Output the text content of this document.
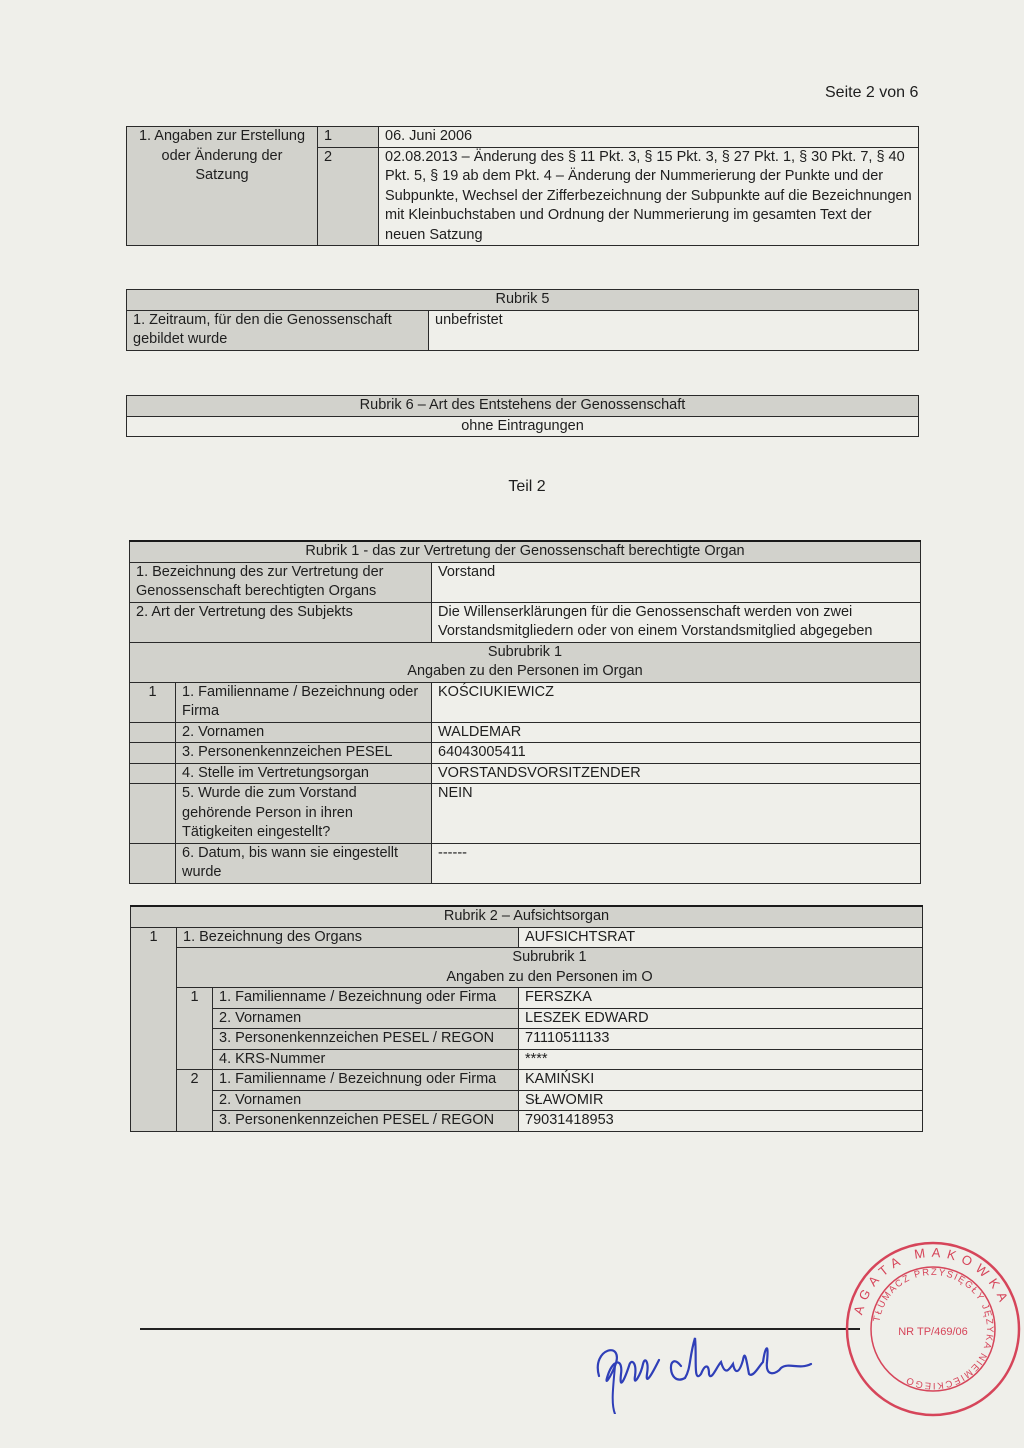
Seite 2 von 6
1. Angaben zur Erstellung oder Änderung der Satzung	1	06. Juni 2006
	2	02.08.2013 – Änderung des § 11 Pkt. 3, § 15 Pkt. 3, § 27 Pkt. 1, § 30 Pkt. 7, § 40 Pkt. 5, § 19 ab dem Pkt. 4 – Änderung der Nummerierung der Punkte und der Subpunkte, Wechsel der Zifferbezeichnung der Subpunkte auf die Bezeichnungen mit Kleinbuchstaben und Ordnung der Nummerierung im gesamten Text der neuen Satzung
Rubrik 5
1. Zeitraum, für den die Genossenschaft gebildet wurde	unbefristet
Rubrik 6 – Art des Entstehens der Genossenschaft
ohne Eintragungen
Teil 2
Rubrik 1 - das zur Vertretung der Genossenschaft berechtigte Organ		
1. Bezeichnung des zur Vertretung der Genossenschaft berechtigten Organs		Vorstand
2. Art der Vertretung des Subjekts		Die Willenserklärungen für die Genossenschaft werden von zwei Vorstandsmitgliedern oder von einem Vorstandsmitglied abgegeben

Subrubrik 1
Angaben zu den Personen im Organ		

1	1. Familienname / Bezeichnung oder Firma	KOŚCIUKIEWICZ
	2. Vornamen	WALDEMAR
	3. Personenkennzeichen PESEL	64043005411
	4. Stelle im Vertretungsorgan	VORSTANDSVORSITZENDER
	5. Wurde die zum Vorstand gehörende Person in ihren Tätigkeiten eingestellt?	NEIN
	6. Datum, bis wann sie eingestellt wurde	------
Rubrik 2 – Aufsichtsorgan			
1	1. Bezeichnung des Organs		AUFSICHTSRAT

	Subrubrik 1
Angaben zu den Personen im O		

	1	1. Familienname / Bezeichnung oder Firma	FERSZKA
		2. Vornamen	LESZEK EDWARD
		3. Personenkennzeichen PESEL / REGON	71110511133
		4. KRS-Nummer	****
	2	1. Familienname / Bezeichnung oder Firma	KAMIŃSKI
		2. Vornamen	SŁAWOMIR
		3. Personenkennzeichen PESEL / REGON	79031418953
AGATA MAKOWKA
TŁUMACZ PRZYSIĘGŁY JĘZYKA NIEMIECKIEGO
NR TP/469/06
